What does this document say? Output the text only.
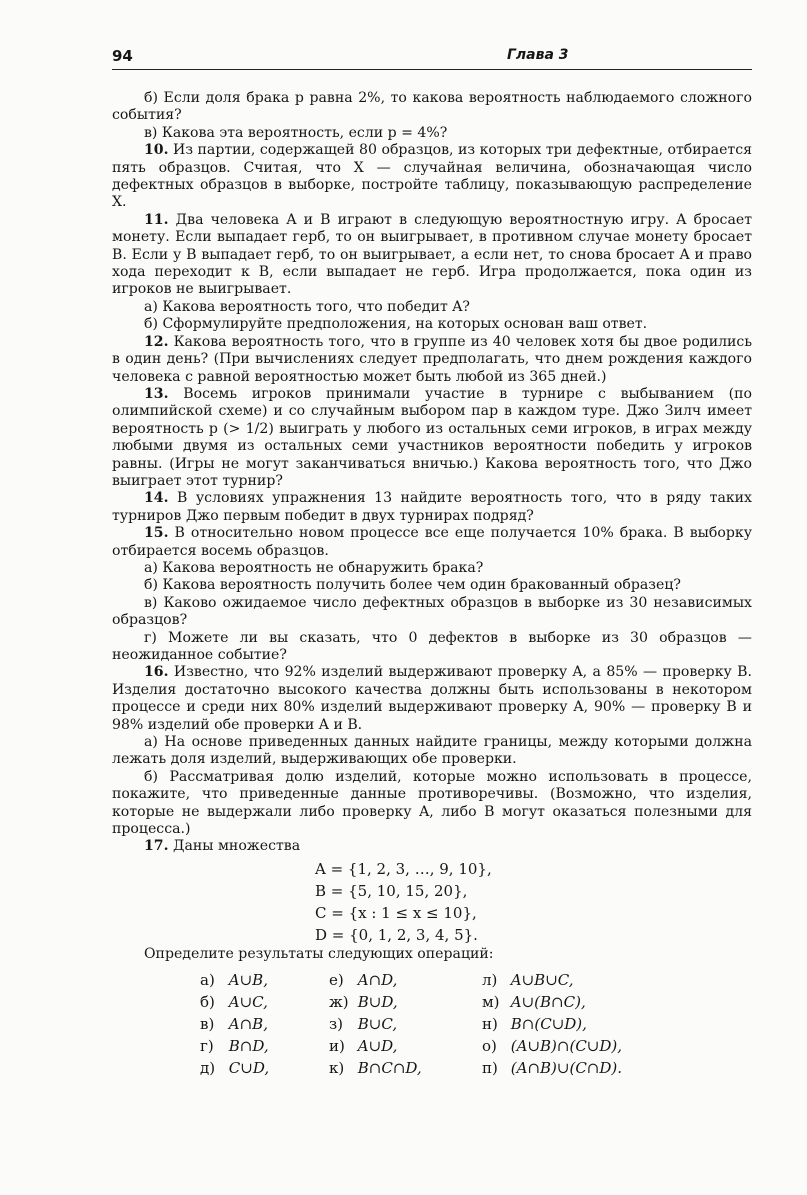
94	Глава 3

б) Если доля брака p равна 2%, то какова вероятность наблюдаемого сложного события?

в) Какова эта вероятность, если p = 4%?

10. Из партии, содержащей 80 образцов, из которых три дефектные, отбирается пять образцов. Считая, что X — случайная величина, обозначающая число дефектных образцов в выборке, постройте таблицу, показывающую распределение X.

11. Два человека A и B играют в следующую вероятностную игру. A бросает монету. Если выпадает герб, то он выигрывает, в противном случае монету бросает B. Если у B выпадает герб, то он выигрывает, а если нет, то снова бросает A и право хода переходит к B, если выпадает не герб. Игра продолжается, пока один из игроков не выигрывает.

а) Какова вероятность того, что победит A?

б) Сформулируйте предположения, на которых основан ваш ответ.

12. Какова вероятность того, что в группе из 40 человек хотя бы двое родились в один день? (При вычислениях следует предполагать, что днем рождения каждого человека с равной вероятностью может быть любой из 365 дней.)

13. Восемь игроков принимали участие в турнире с выбыванием (по олимпийской схеме) и со случайным выбором пар в каждом туре. Джо Зилч имеет вероятность p (> 1/2) выиграть у любого из остальных семи игроков, в играх между любыми двумя из остальных семи участников вероятности победить у игроков равны. (Игры не могут заканчиваться вничью.) Какова вероятность того, что Джо выиграет этот турнир?

14. В условиях упражнения 13 найдите вероятность того, что в ряду таких турниров Джо первым победит в двух турнирах подряд?

15. В относительно новом процессе все еще получается 10% брака. В выборку отбирается восемь образцов.

а) Какова вероятность не обнаружить брака?

б) Какова вероятность получить более чем один бракованный образец?

в) Каково ожидаемое число дефектных образцов в выборке из 30 независимых образцов?

г) Можете ли вы сказать, что 0 дефектов в выборке из 30 образцов — неожиданное событие?

16. Известно, что 92% изделий выдерживают проверку A, а 85% — проверку B. Изделия достаточно высокого качества должны быть использованы в некотором процессе и среди них 80% изделий выдерживают проверку A, 90% — проверку B и 98% изделий обе проверки A и B.

а) На основе приведенных данных найдите границы, между которыми должна лежать доля изделий, выдерживающих обе проверки.

б) Рассматривая долю изделий, которые можно использовать в процессе, покажите, что приведенные данные противоречивы. (Возможно, что изделия, которые не выдержали либо проверку A, либо B могут оказаться полезными для процесса.)

17. Даны множества

A = {1, 2, 3, …, 9, 10},
B = {5, 10, 15, 20},
C = {x : 1 ≤ x ≤ 10},
D = {0, 1, 2, 3, 4, 5}.

Определите результаты следующих операций:

а) A∪B,
б) A∪C,
в) A∩B,
г) B∩D,
д) C∪D,
е) A∩D,
ж) B∪D,
з) B∪C,
и) A∪D,
к) B∩C∩D,
л) A∪B∪C,
м) A∪(B∩C),
н) B∩(C∪D),
о) (A∪B)∩(C∪D),
п) (A∩B)∪(C∩D).
